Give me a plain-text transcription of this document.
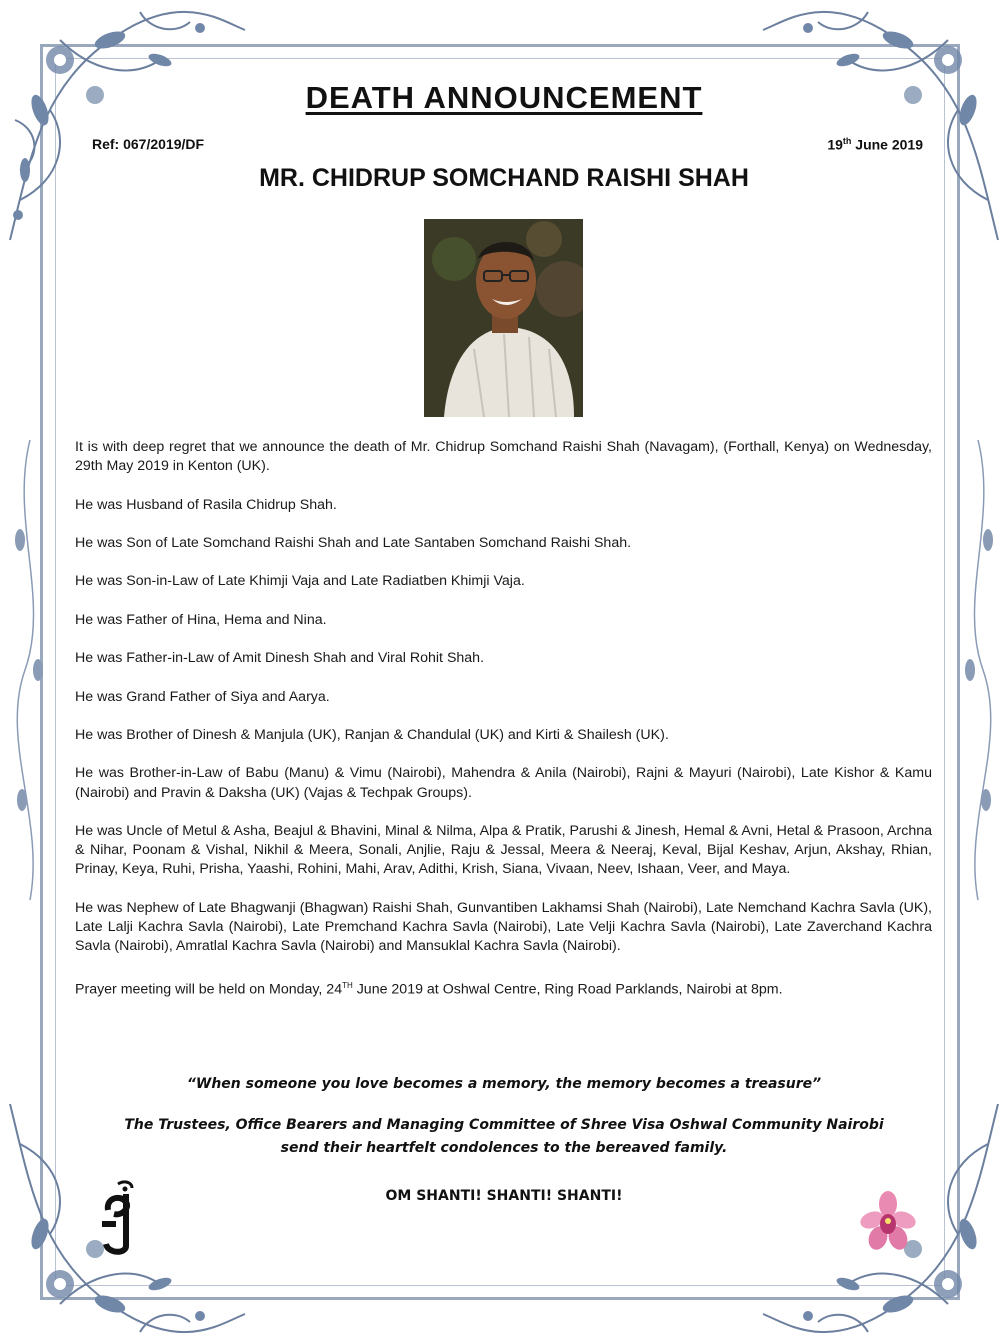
DEATH ANNOUNCEMENT
Ref: 067/2019/DF	19th June 2019
MR. CHIDRUP SOMCHAND RAISHI SHAH

It is with deep regret that we announce the death of Mr. Chidrup Somchand Raishi Shah (Navagam), (Forthall, Kenya) on Wednesday, 29th May 2019 in Kenton (UK).

He was Husband of Rasila Chidrup Shah.

He was Son of Late Somchand Raishi Shah and Late Santaben Somchand Raishi Shah.

He was Son-in-Law of Late Khimji Vaja and Late Radiatben Khimji Vaja.

He was Father of Hina, Hema and Nina.

He was Father-in-Law of Amit Dinesh Shah and Viral Rohit Shah.

He was Grand Father of Siya and Aarya.

He was Brother of Dinesh & Manjula (UK), Ranjan & Chandulal (UK) and Kirti & Shailesh (UK).

He was Brother-in-Law of Babu (Manu) & Vimu (Nairobi), Mahendra & Anila (Nairobi), Rajni & Mayuri (Nairobi), Late Kishor & Kamu (Nairobi) and Pravin & Daksha (UK) (Vajas & Techpak Groups).

He was Uncle of Metul & Asha, Beajul & Bhavini, Minal & Nilma, Alpa & Pratik, Parushi & Jinesh, Hemal & Avni, Hetal & Prasoon, Archna & Nihar, Poonam & Vishal, Nikhil & Meera, Sonali, Anjlie, Raju & Jessal, Meera & Neeraj, Keval, Bijal Keshav, Arjun, Akshay, Rhian, Prinay, Keya, Ruhi, Prisha, Yaashi, Rohini, Mahi, Arav, Adithi, Krish, Siana, Vivaan, Neev, Ishaan, Veer, and Maya.

He was Nephew of Late Bhagwanji (Bhagwan) Raishi Shah, Gunvantiben Lakhamsi Shah (Nairobi), Late Nemchand Kachra Savla (UK), Late Lalji Kachra Savla (Nairobi), Late Premchand Kachra Savla (Nairobi), Late Velji Kachra Savla (Nairobi), Late Zaverchand Kachra Savla (Nairobi), Amratlal Kachra Savla (Nairobi) and Mansuklal Kachra Savla (Nairobi).

Prayer meeting will be held on Monday, 24TH June 2019 at Oshwal Centre, Ring Road Parklands, Nairobi at 8pm.

“When someone you love becomes a memory, the memory becomes a treasure”
The Trustees, Office Bearers and Managing Committee of Shree Visa Oshwal Community Nairobi
send their heartfelt condolences to the bereaved family.
OM SHANTI! SHANTI! SHANTI!
